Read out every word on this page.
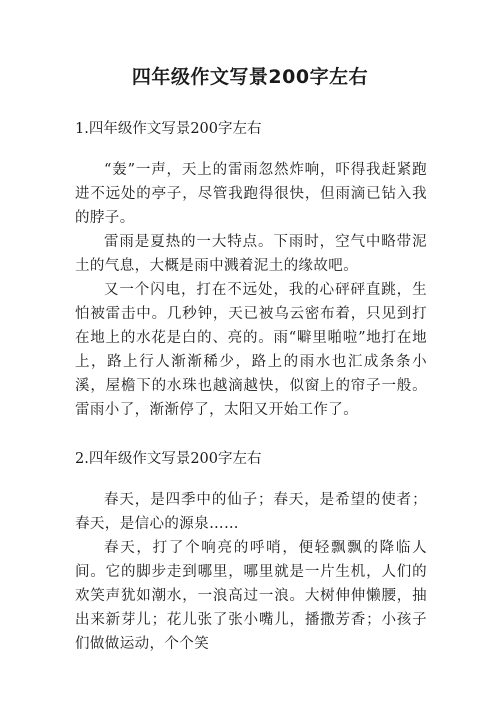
四年级作文写景200字左右
1.四年级作文写景200字左右

“轰”一声，天上的雷雨忽然炸响，吓得我赶紧跑进不远处的亭子，尽管我跑得很快，但雨滴已钻入我的脖子。

雷雨是夏热的一大特点。下雨时，空气中略带泥土的气息，大概是雨中溅着泥土的缘故吧。

又一个闪电，打在不远处，我的心砰砰直跳，生怕被雷击中。几秒钟，天已被乌云密布着，只见到打在地上的水花是白的、亮的。雨“噼里啪啦”地打在地上，路上行人渐渐稀少，路上的雨水也汇成条条小溪，屋檐下的水珠也越滴越快，似窗上的帘子一般。雷雨小了，渐渐停了，太阳又开始工作了。

2.四年级作文写景200字左右

春天，是四季中的仙子；春天，是希望的使者；春天，是信心的源泉……

春天，打了个响亮的呼哨，便轻飘飘的降临人间。它的脚步走到哪里，哪里就是一片生机，人们的欢笑声犹如潮水，一浪高过一浪。大树伸伸懒腰，抽出来新芽儿；花儿张了张小嘴儿，播撒芳香；小孩子们做做运动，个个笑
